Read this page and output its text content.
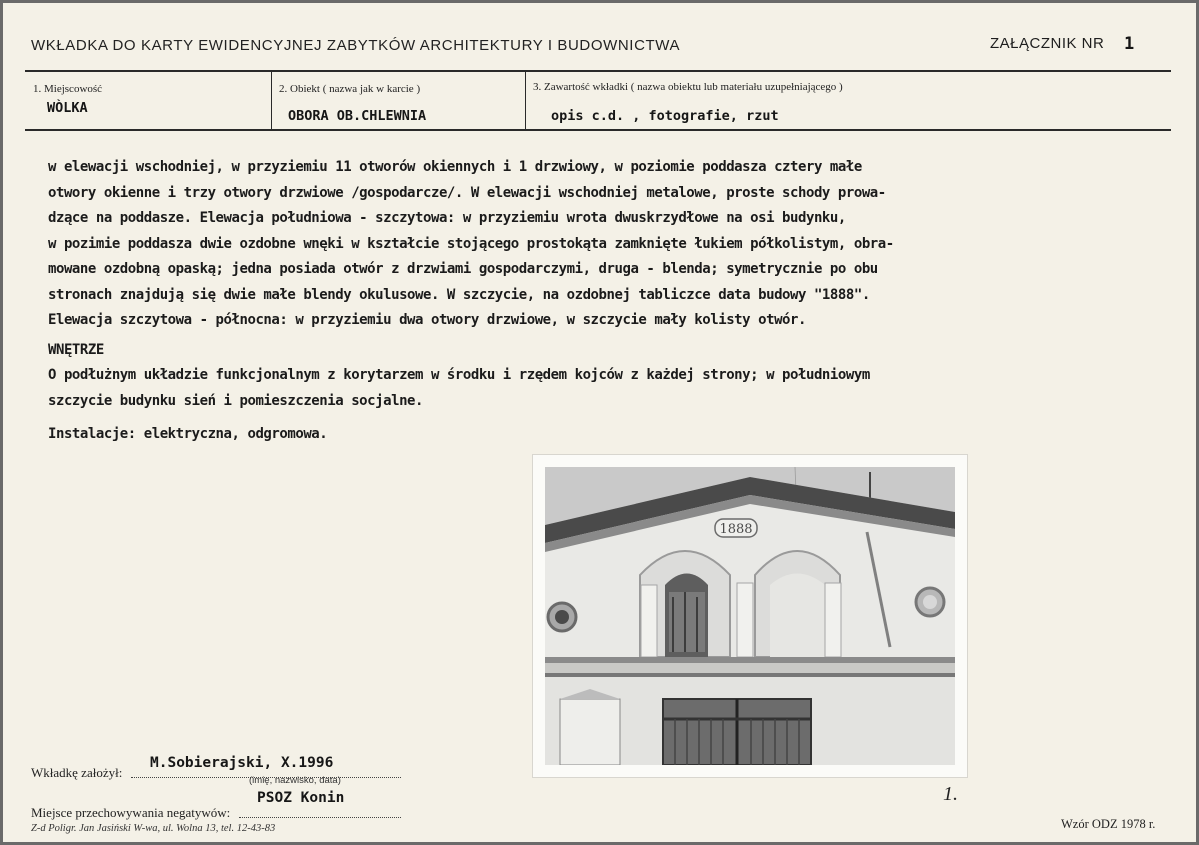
WKŁADKA DO KARTY EWIDENCYJNEJ ZABYTKÓW ARCHITEKTURY I BUDOWNICTWA	ZAŁĄCZNIK NR 1
1. Miejscowość
WÒLKA
2. Obiekt ( nazwa jak w karcie )
OBORA OB.CHLEWNIA
3. Zawartość wkładki ( nazwa obiektu lub materiału uzupełniającego )
opis c.d. , fotografie, rzut
w elewacji wschodniej, w przyziemiu 11 otworów okiennych i 1 drzwiowy, w poziomie poddasza cztery małe
otwory okienne i trzy otwory drzwiowe /gospodarcze/. W elewacji wschodniej metalowe, proste schody prowa-
dzące na poddasze. Elewacja południowa - szczytowa: w przyziemiu wrota dwuskrzydłowe na osi budynku,
w pozimie poddasza dwie ozdobne wnęki w kształcie stojącego prostokąta zamknięte łukiem półkolistym, obra-
mowane ozdobną opaską; jedna posiada otwór z drzwiami gospodarczymi, druga - blenda; symetrycznie po obu
stronach znajdują się dwie małe blendy okulusowe. W szczycie, na ozdobnej tabliczce data budowy "1888".
Elewacja szczytowa - północna: w przyziemiu dwa otwory drzwiowe, w szczycie mały kolisty otwór.
WNĘTRZE
O podłużnym układzie funkcjonalnym z korytarzem w środku i rzędem kojców z każdej strony; w południowym
szczycie budynku sień i pomieszczenia socjalne.
Instalacje: elektryczna, odgromowa.
1888
Wkładkę założył:
M.Sobierajski, X.1996
(imię, nazwisko, data)
Miejsce przechowywania negatywów:
PSOZ Konin	1.
Z-d Poligr. Jan Jasiński W-wa, ul. Wolna 13, tel. 12-43-83	Wzór ODZ 1978 r.
